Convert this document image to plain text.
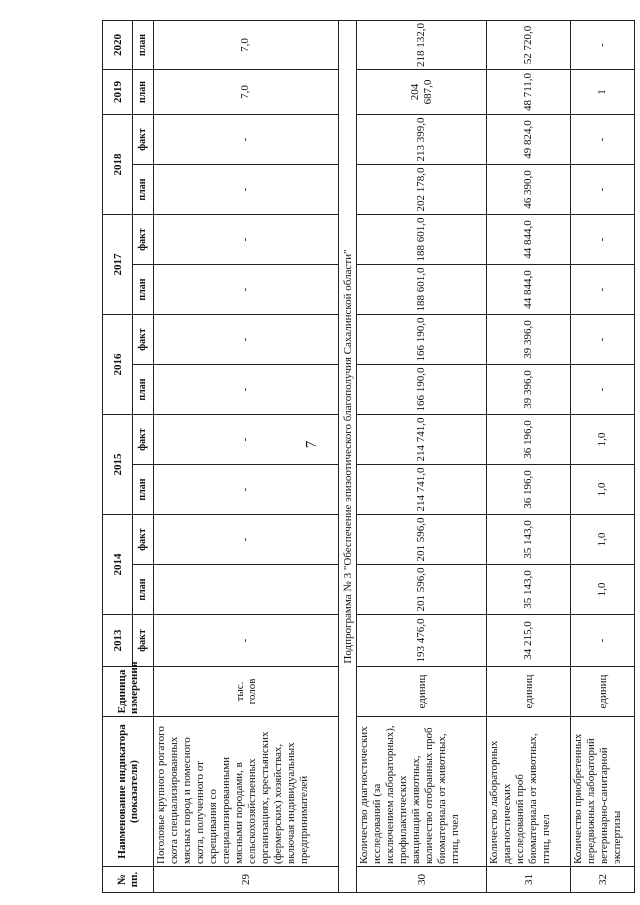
7
№ пп.	Наименование индикатора (показателя)	Единица измерения	2013	2014		2015		2016		2017		2018		2019	2020
			факт	план	факт	план	факт	план	факт	план	факт	план	факт	план	план
29	Поголовье крупного рогатого скота специализированных мясных пород и помесного скота, полученного от скрещивания со специализированными мясными породами, в сельскохозяйственных организациях, крестьянских (фермерских) хозяйствах, включая индивидуальных предпринимателей	тыс. голов	-		-	-	-	-	-	-	-	-	-	7,0	7,0
Подпрограмма № 3 "Обеспечение эпизоотического благополучия Сахалинской области"															
30	Количество диагностических исследований (за исключением лабораторных), профилактических вакцинаций животных, количество отобранных проб биоматериала от животных, птиц, пчел	единиц	193 476,0	201 596,0	201 596,0	214 741,0	214 741,0	166 190,0	166 190,0	188 601,0	188 601,0	202 178,0	213 399,0	204 687,0	218 132,0
31	Количество лабораторных диагностических исследований проб биоматериала от животных, птиц, пчел	единиц	34 215,0	35 143,0	35 143,0	36 196,0	36 196,0	39 396,0	39 396,0	44 844,0	44 844,0	46 390,0	49 824,0	48 711,0	52 720,0
32	Количество приобретенных передвижных лабораторий ветеринарно-санитарной экспертизы	единиц	-	1,0	1,0	1,0	1,0	-	-	-	-	-	-	1	-
